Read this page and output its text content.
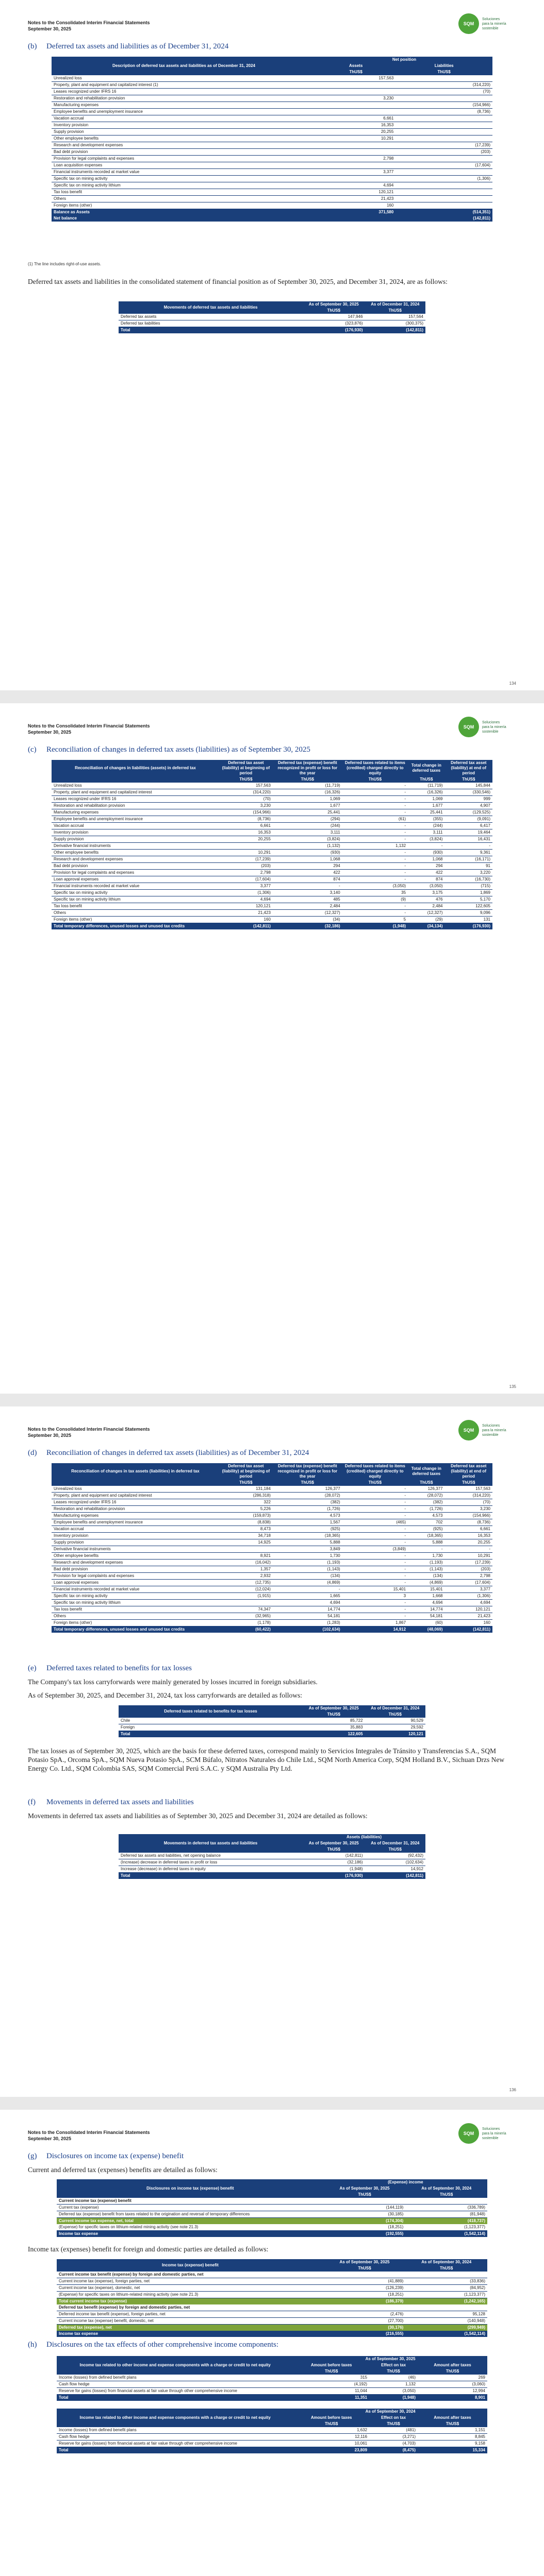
Notes to the Consolidated Interim Financial Statements
September 30, 2025
SQM
Soluciones
para la minería
sostenible
(b) Deferred tax assets and liabilities as of December 31, 2024
Description of deferred tax assets and liabilities as of December 31, 2024	Net position	
	Assets	Liabilities
	ThUS$	ThUS$
Unrealized loss	157,563	
Property, plant and equipment and capitalized interest (1)		(314,220)
Leases recognized under IFRS 16		(70)
Restoration and rehabilitation provision	3,230	
Manufacturing expenses		(154,966)
Employee benefits and unemployment insurance		(8,736)
Vacation accrual	6,661	
Inventory provision	16,353	
Supply provision	20,255	
Other employee benefits	10,291	
Research and development expenses		(17,239)
Bad debt provision		(203)
Provision for legal complaints and expenses	2,798	
Loan acquisition expenses		(17,604)
Financial instruments recorded at market value	3,377	
Specific tax on mining activity		(1,306)
Specific tax on mining activity lithium	4,694	
Tax loss benefit	120,121	
Others	21,423	
Foreign items (other)	160	
Balance as Assets	371,580	(514,351)
Net balance		(142,811)
(1) The line includes right-of-use assets.
Deferred tax assets and liabilities in the consolidated statement of financial position as of September 30, 2025, and December 31, 2024, are as follows:
Movements of deferred tax assets and liabilities	As of September 30, 2025	As of December 31, 2024
	ThUS$	ThUS$
Deferred tax assets	147,946	157,564
Deferred tax liabilities	(323,876)	(300,375)
Total	(176,930)	(142,811)
134
Notes to the Consolidated Interim Financial Statements
September 30, 2025
SQM
Soluciones
para la minería
sostenible
(c) Reconciliation of changes in deferred tax assets (liabilities) as of September 30, 2025
Reconciliation of changes in liabilities (assets) in deferred tax	Deferred tax asset (liability) at beginning of period	Deferred tax (expense) benefit recognized in profit or loss for the year	Deferred taxes related to items (credited) charged directly to equity	Total change in deferred taxes	Deferred tax asset (liability) at end of period
	ThUS$	ThUS$	ThUS$	ThUS$	ThUS$
Unrealized loss	157,563	(11,719)	-	(11,719)	145,844
Property, plant and equipment and capitalized interest	(314,220)	(16,326)	-	(16,326)	(330,546)
Leases recognized under IFRS 16	(70)	1,069	-	1,069	999
Restoration and rehabilitation provision	3,230	1,677	-	1,677	4,907
Manufacturing expenses	(154,966)	25,441	-	25,441	(129,525)
Employee benefits and unemployment insurance	(8,736)	(294)	(61)	(355)	(9,091)
Vacation accrual	6,661	(244)	-	(244)	6,417
Inventory provision	16,353	3,111	-	3,111	19,464
Supply provision	20,255	(3,824)	-	(3,824)	16,431
Derivative financial instruments		(1,132)	1,132	-	-
Other employee benefits	10,291	(930)	-	(930)	9,361
Research and development expenses	(17,239)	1,068	-	1,068	(16,171)
Bad debt provision	(203)	294	-	294	91
Provision for legal complaints and expenses	2,798	422	-	422	3,220
Loan approval expenses	(17,604)	874	-	874	(16,730)
Financial instruments recorded at market value	3,377	-	(3,050)	(3,050)	(715)
Specific tax on mining activity	(1,306)	3,140	35	3,175	1,869
Specific tax on mining activity lithium	4,694	485	(9)	476	5,170
Tax loss benefit	120,121	2,484	-	2,484	122,605
Others	21,423	(12,327)	-	(12,327)	9,096
Foreign items (other)	160	(34)	5	(29)	131
Total temporary differences, unused losses and unused tax credits	(142,811)	(32,186)	(1,948)	(34,134)	(176,930)
135
Notes to the Consolidated Interim Financial Statements
September 30, 2025
SQM
Soluciones
para la minería
sostenible
(d) Reconciliation of changes in deferred tax assets (liabilities) as of December 31, 2024
Reconciliation of changes in tax assets (liabilities) in deferred tax	Deferred tax asset (liability) at beginning of period	Deferred tax (expense) benefit recognized in profit or loss for the year	Deferred taxes related to items (credited) charged directly to equity	Total change in deferred taxes	Deferred tax asset (liability) at end of period
	ThUS$	ThUS$	ThUS$	ThUS$	ThUS$
Unrealized loss	131,184	126,377	-	126,377	157,563
Property, plant and equipment and capitalized interest	(286,318)	(28,072)	-	(28,072)	(314,220)
Leases recognized under IFRS 16	322	(382)	-	(382)	(70)
Restoration and rehabilitation provision	5,226	(1,726)	-	(1,726)	3,230
Manufacturing expenses	(159,873)	4,573	-	4,573	(154,966)
Employee benefits and unemployment insurance	(8,838)	1,567	(465)	702	(8,736)
Vacation accrual	8,473	(925)	-	(925)	6,661
Inventory provision	34,718	(18,365)	-	(18,365)	16,353
Supply provision	14,925	5,888	-	5,888	20,255
Derivative financial instruments		3,849	(3,849)	-	-
Other employee benefits	8,921	1,730	-	1,730	10,291
Research and development expenses	(16,042)	(1,193)	-	(1,193)	(17,239)
Bad debt provision	1,357	(1,143)	-	(1,143)	(203)
Provision for legal complaints and expenses	2,932	(134)	-	(134)	2,798
Loan approval expenses	(12,735)	(4,869)	-	(4,869)	(17,604)
Financial instruments recorded at market value	(12,024)	-	15,401	15,401	3,377
Specific tax on mining activity	(1,915)	1,665	3	1,668	(1,306)
Specific tax on mining activity lithium		4,694	-	4,694	4,694
Tax loss benefit	74,347	14,774	-	14,774	120,121
Others	(32,965)	54,181	-	54,181	21,423
Foreign items (other)	(1,178)	(1,283)	1,867	(60)	160
Total temporary differences, unused losses and unused tax credits	(60,422)	(102,634)	14,912	(48,069)	(142,811)
(e) Deferred taxes related to benefits for tax losses
The Company's tax loss carryforwards were mainly generated by losses incurred in foreign subsidiaries.
As of September 30, 2025, and December 31, 2024, tax loss carryforwards are detailed as follows:
Deferred taxes related to benefits for tax losses	As of September 30, 2025	As of December 31, 2024
	ThUS$	ThUS$
Chile	85,722	90,529
Foreign	35,883	29,592
Total	122,605	120,121
The tax losses as of September 30, 2025, which are the basis for these deferred taxes, correspond mainly to Servicios Integrales de Tránsito y Transferencias S.A., SQM Potasio SpA., Orcoma SpA., SQM Nueva Potasio SpA., SCM Búfalo, Nitratos Naturales do Chile Ltd., SQM North America Corp, SQM Holland B.V., Sichuan Drzs New Energy Co. Ltd., SQM Colombia SAS, SQM Comercial Perú S.A.C. y SQM Australia Pty Ltd.
(f) Movements in deferred tax assets and liabilities
Movements in deferred tax assets and liabilities as of September 30, 2025 and December 31, 2024 are detailed as follows:
Movements in deferred tax assets and liabilities	Assets (liabilities)	
	As of September 30, 2025	As of December 31, 2024
	ThUS$	ThUS$
Deferred tax assets and liabilities, net opening balance	(142,811)	(92,432)
(Increase) decrease in deferred taxes in profit or loss	(32,186)	(102,634)
Increase (decrease) in deferred taxes in equity	(1,948)	14,912
Total	(176,930)	(142,811)
136
Notes to the Consolidated Interim Financial Statements
September 30, 2025
SQM
Soluciones
para la minería
sostenible
(g) Disclosures on income tax (expense) benefit
Current and deferred tax (expenses) benefits are detailed as follows:
Disclosures on income tax (expense) benefit	(Expense) income	
	As of September 30, 2025	As of September 30, 2024
	ThUS$	ThUS$
Current income tax (expense) benefit		
Current tax (expense)	(144,119)	(336,789)
Deferred tax (expense) benefit from taxes related to the origination and reversal of temporary differences	(30,185)	(81,948)
Current income tax expense, net, total	(174,304)	(418,737)
(Expense) for specific taxes on lithium-related mining activity (see note 21.3)	(18,251)	(1,123,377)
Income tax expense	(192,555)	(1,542,114)
Income tax (expenses) benefit for foreign and domestic parties are detailed as follows:
Income tax (expense) benefit	As of September 30, 2025	As of September 30, 2024
	ThUS$	ThUS$
Current income tax benefit (expense) by foreign and domestic parties, net		
Current income tax (expense), foreign parties, net	(41,889)	(33,836)
Current income tax (expense), domestic, net	(126,239)	(84,952)
(Expense) for specific taxes on lithium-related mining activity (see note 21.3)	(18,251)	(1,123,377)
Total current income tax (expense)	(186,379)	(1,242,165)
Deferred tax benefit (expense) by foreign and domestic parties, net		
Deferred income tax benefit (expense), foreign parties, net	(2,476)	95,128
Current income tax (expense) benefit, domestic, net	(27,700)	(140,948)
Deferred tax (expense), net	(30,176)	(299,949)
Income tax expense	(216,555)	(1,542,114)
(h) Disclosures on the tax effects of other comprehensive income components:
Income tax related to other income and expense components with a charge or credit to net equity	As of September 30, 2025		
	Amount before taxes	Effect on tax	Amount after taxes
	ThUS$	ThUS$	ThUS$
Income (losses) from defined benefit plans	315	(46)	269
Cash flow hedge	(4,192)	1,132	(3,060)
Reserve for gains (losses) from financial assets at fair value through other comprehensive income	11,044	(3,050)	12,994
Total	11,351	(1,948)	8,901
Income tax related to other income and expense components with a charge or credit to net equity	As of September 30, 2024		
	Amount before taxes	Effect on tax	Amount after taxes
	ThUS$	ThUS$	ThUS$
Income (losses) from defined benefit plans	1,632	(481)	1,151
Cash flow hedge	12,116	(3,271)	8,845
Reserve for gains (losses) from financial assets at fair value through other comprehensive income	10,061	(4,703)	9,158
Total	23,809	(8,475)	15,334
